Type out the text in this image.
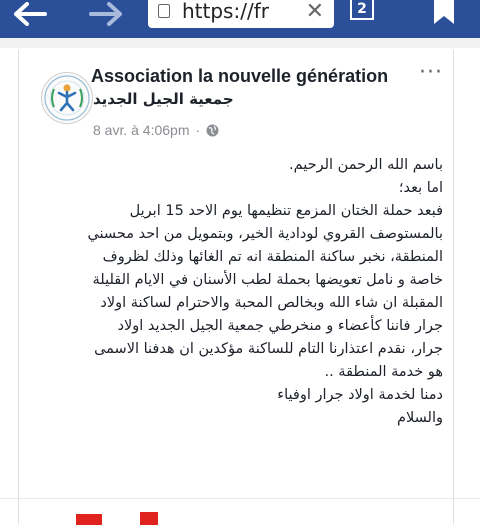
https://fr ✕ 2
Association la nouvelle génération
جمعية الجيل الجديد
8 avr. à 4:06pm ·
···
باسم الله الرحمن الرحيم.
اما بعد؛
فبعد حملة الختان المزمع تنظيمها يوم الاحد 15 ابريل
بالمستوصف القروي لودادية الخير، وبتمويل من احد محسني
المنطقة، نخبر ساكنة المنطقة انه تم الغائها وذلك لظروف
خاصة و نامل تعويضها بحملة لطب الأسنان في الايام القليلة
المقبلة ان شاء الله وبخالص المحبة والاحترام لساكنة اولاد
جرار فاننا كأعضاء و منخرطي جمعية الجيل الجديد اولاد
جرار، نقدم اعتذارنا التام للساكنة مؤكدين ان هدفنا الاسمى
هو خدمة المنطقة ..
دمنا لخدمة اولاد جرار اوفياء
والسلام
